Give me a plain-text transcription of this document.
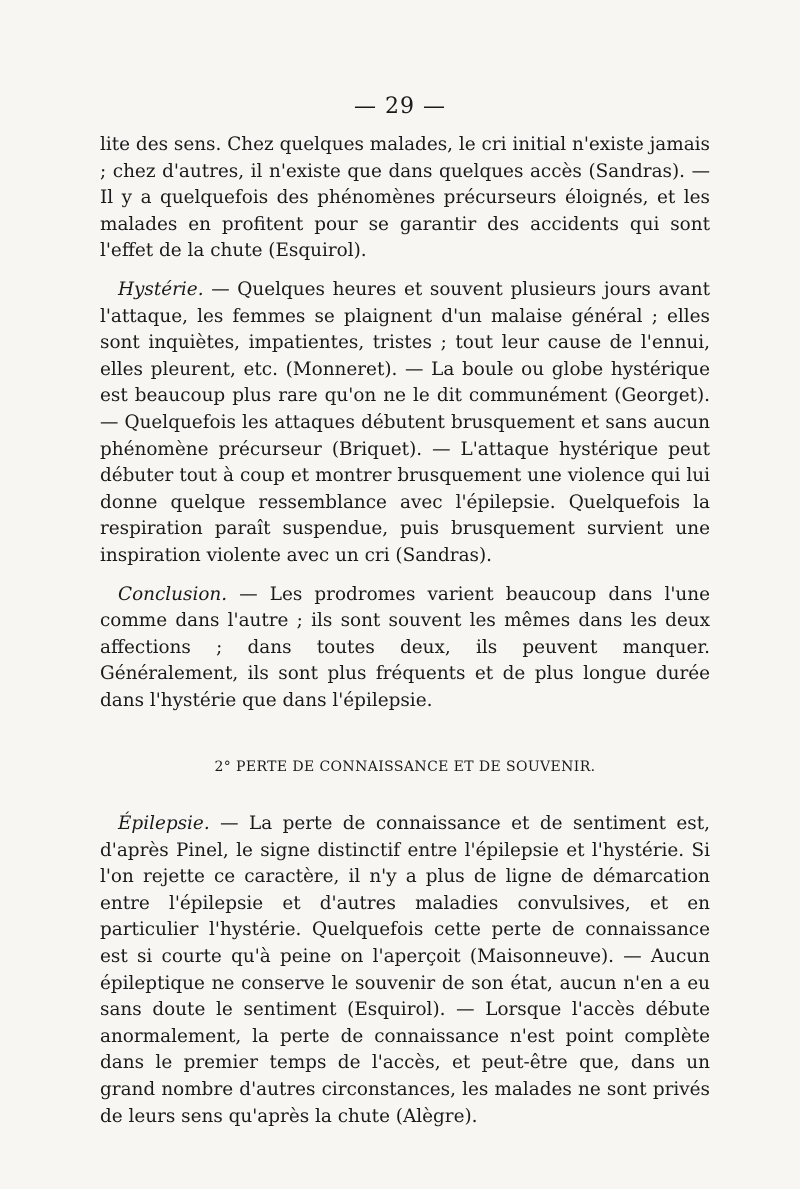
— 29 —

lite des sens. Chez quelques malades, le cri initial n'existe jamais ; chez d'autres, il n'existe que dans quelques accès (Sandras). — Il y a quelquefois des phénomènes précurseurs éloignés, et les malades en profitent pour se garantir des accidents qui sont l'effet de la chute (Esquirol).

Hystérie. — Quelques heures et souvent plusieurs jours avant l'attaque, les femmes se plaignent d'un malaise général ; elles sont inquiètes, impatientes, tristes ; tout leur cause de l'ennui, elles pleurent, etc. (Monneret). — La boule ou globe hystérique est beaucoup plus rare qu'on ne le dit communément (Georget). — Quelquefois les attaques débutent brusquement et sans aucun phénomène précurseur (Briquet). — L'attaque hystérique peut débuter tout à coup et montrer brusquement une violence qui lui donne quelque ressemblance avec l'épilepsie. Quelquefois la respiration paraît suspendue, puis brusquement survient une inspiration violente avec un cri (Sandras).

Conclusion. — Les prodromes varient beaucoup dans l'une comme dans l'autre ; ils sont souvent les mêmes dans les deux affections ; dans toutes deux, ils peuvent manquer. Généralement, ils sont plus fréquents et de plus longue durée dans l'hystérie que dans l'épilepsie.

2° PERTE DE CONNAISSANCE ET DE SOUVENIR.

Épilepsie. — La perte de connaissance et de sentiment est, d'après Pinel, le signe distinctif entre l'épilepsie et l'hystérie. Si l'on rejette ce caractère, il n'y a plus de ligne de démarcation entre l'épilepsie et d'autres maladies convulsives, et en particulier l'hystérie. Quelquefois cette perte de connaissance est si courte qu'à peine on l'aperçoit (Maisonneuve). — Aucun épileptique ne conserve le souvenir de son état, aucun n'en a eu sans doute le sentiment (Esquirol). — Lorsque l'accès débute anormalement, la perte de connaissance n'est point complète dans le premier temps de l'accès, et peut-être que, dans un grand nombre d'autres circonstances, les malades ne sont privés de leurs sens qu'après la chute (Alègre).
